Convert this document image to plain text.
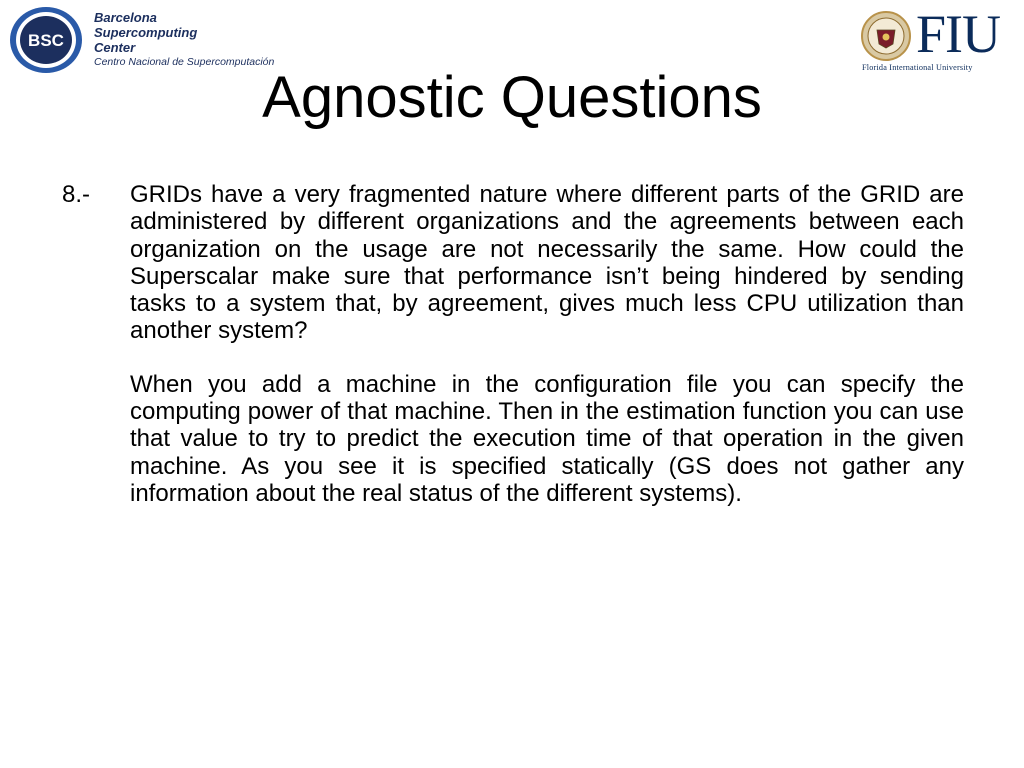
BSC
Barcelona
Supercomputing
Center
Centro Nacional de Supercomputación	FIU
Florida International University
Agnostic Questions
8.- GRIDs have a very fragmented nature where different parts of the GRID are administered by different organizations and the agreements between each organization on the usage are not necessarily the same. How could the Superscalar make sure that performance isn’t being hindered by sending tasks to a system that, by agreement, gives much less CPU utilization than another system?

When you add a machine in the configuration file you can specify the computing power of that machine. Then in the estimation function you can use that value to try to predict the execution time of that operation in the given machine. As you see it is specified statically (GS does not gather any information about the real status of the different systems).
